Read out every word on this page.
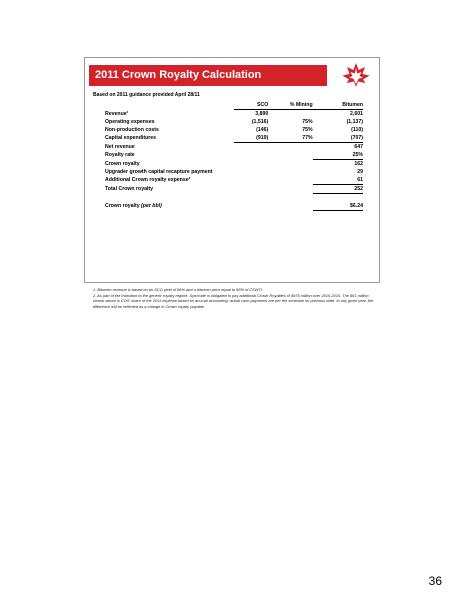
2011 Crown Royalty Calculation
Based on 2011 guidance provided April 28/11
	SCO	% Mining	Bitumen
Revenue¹	3,890		2,601
Operating expenses	(1,516)	75%	(1,137)
Non-production costs	(146)	75%	(110)
Capital expenditures	(919)	77%	(707)
Net revenue			647
Royalty rate			25%
Crown royalty			162
Upgrader growth capital recapture payment			29
Additional Crown royalty expense²			61
Total Crown royalty			252

Crown royalty (per bbl)			$6.24

1. Bitumen revenue is based on an SCO yield of 86% and a bitumen price equal to 56% of CSWTI.

2. As part of the transition to the generic royalty regime, Syncrude is obligated to pay additional Crown Royalties of $975 million over 2010-2015. The $61 million shown above is COS' share of the 2011 expense based on accrual accounting; actual cash payments are per the schedule on previous slide. In any given year, the difference will be reflected as a change in Crown royalty payable.

36
